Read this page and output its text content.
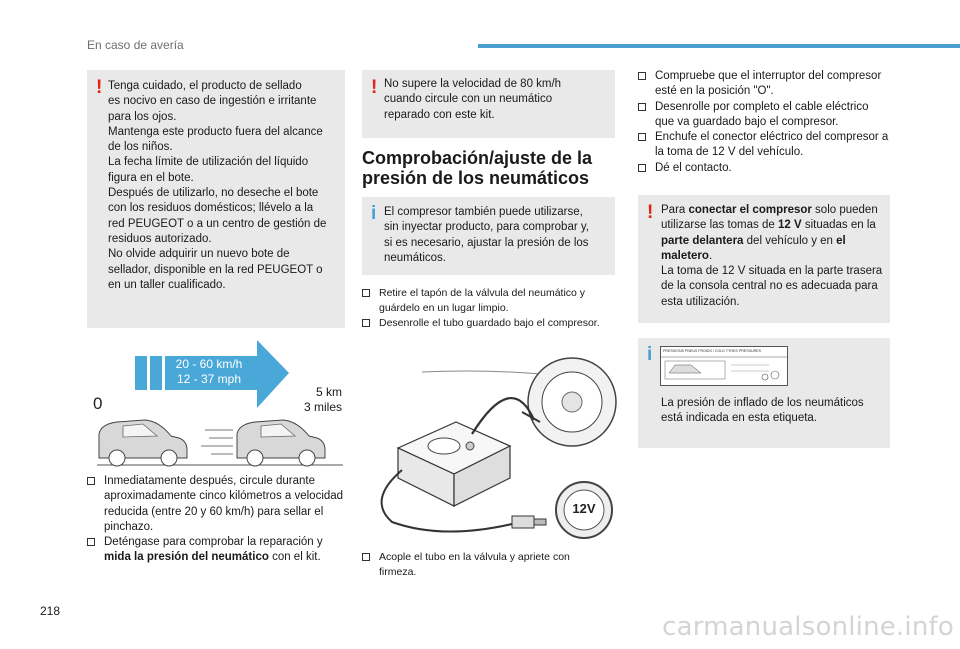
En caso de avería
! Tenga cuidado, el producto de sellado

es nocivo en caso de ingestión e irritante

para los ojos.

Mantenga este producto fuera del alcance

de los niños.

La fecha límite de utilización del líquido

figura en el bote.

Después de utilizarlo, no deseche el bote

con los residuos domésticos; llévelo a la

red PEUGEOT o a un centro de gestión de

residuos autorizado.

No olvide adquirir un nuevo bote de

sellador, disponible en la red PEUGEOT o

en un taller cualificado.

20 - 60 km/h
12 - 37 mph
0
5 km
3 miles
Inmediatamente después, circule durante aproximadamente cinco kilómetros a velocidad reducida (entre 20 y 60 km/h) para sellar el pinchazo.
Deténgase para comprobar la reparación y mida la presión del neumático con el kit.
! No supere la velocidad de 80 km/h

cuando circule con un neumático

reparado con este kit.

Comprobación/ajuste de la presión de los neumáticos
i El compresor también puede utilizarse,

sin inyectar producto, para comprobar y,

si es necesario, ajustar la presión de los

neumáticos.

Retire el tapón de la válvula del neumático y guárdelo en un lugar limpio.
Desenrolle el tubo guardado bajo el compresor.
12V
Acople el tubo en la válvula y apriete con firmeza.
Compruebe que el interruptor del compresor esté en la posición "O".
Desenrolle por completo el cable eléctrico que va guardado bajo el compresor.
Enchufe el conector eléctrico del compresor a la toma de 12 V del vehículo.
Dé el contacto.
! Para conectar el compresor solo pueden utilizarse las tomas de 12 V situadas en la parte delantera del vehículo y en el maletero.

La toma de 12 V situada en la parte trasera de la consola central no es adecuada para esta utilización.

i	PRESSIONS PNEUS FROIDS / COLD TYRES PRESSURES
La presión de inflado de los neumáticos está indicada en esta etiqueta.
218
carmanualsonline.info
